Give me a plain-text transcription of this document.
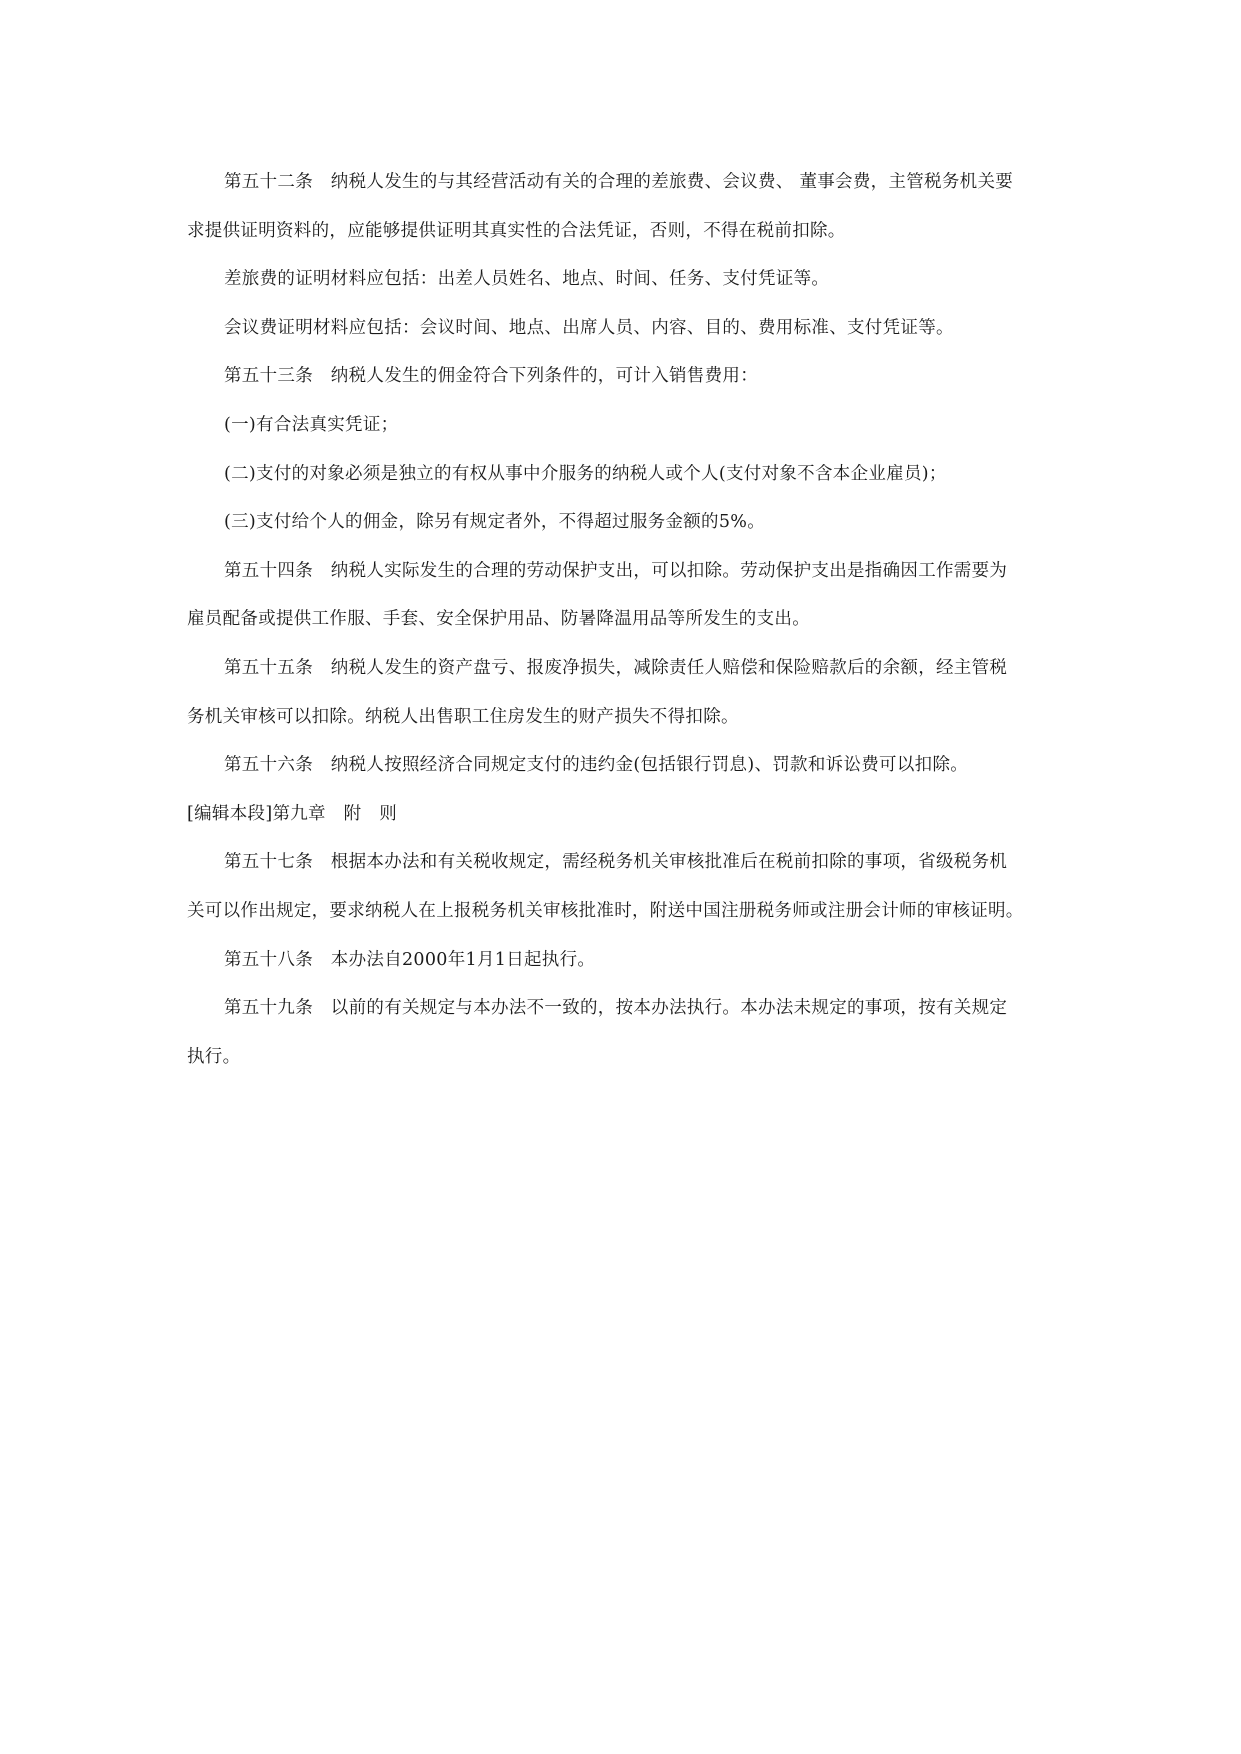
第五十二条　纳税人发生的与其经营活动有关的合理的差旅费、会议费、 董事会费，主管税务机关要
求提供证明资料的，应能够提供证明其真实性的合法凭证，否则，不得在税前扣除。

差旅费的证明材料应包括：出差人员姓名、地点、时间、任务、支付凭证等。

会议费证明材料应包括：会议时间、地点、出席人员、内容、目的、费用标准、支付凭证等。

第五十三条　纳税人发生的佣金符合下列条件的，可计入销售费用：

(一)有合法真实凭证；

(二)支付的对象必须是独立的有权从事中介服务的纳税人或个人(支付对象不含本企业雇员)；

(三)支付给个人的佣金，除另有规定者外，不得超过服务金额的5%。

第五十四条　纳税人实际发生的合理的劳动保护支出，可以扣除。劳动保护支出是指确因工作需要为
雇员配备或提供工作服、手套、安全保护用品、防暑降温用品等所发生的支出。

第五十五条　纳税人发生的资产盘亏、报废净损失，减除责任人赔偿和保险赔款后的余额，经主管税
务机关审核可以扣除。纳税人出售职工住房发生的财产损失不得扣除。

第五十六条　纳税人按照经济合同规定支付的违约金(包括银行罚息)、罚款和诉讼费可以扣除。

[编辑本段]第九章　附　则

第五十七条　根据本办法和有关税收规定，需经税务机关审核批准后在税前扣除的事项，省级税务机
关可以作出规定，要求纳税人在上报税务机关审核批准时，附送中国注册税务师或注册会计师的审核证明。

第五十八条　本办法自2000年1月1日起执行。

第五十九条　以前的有关规定与本办法不一致的，按本办法执行。本办法未规定的事项，按有关规定
执行。
